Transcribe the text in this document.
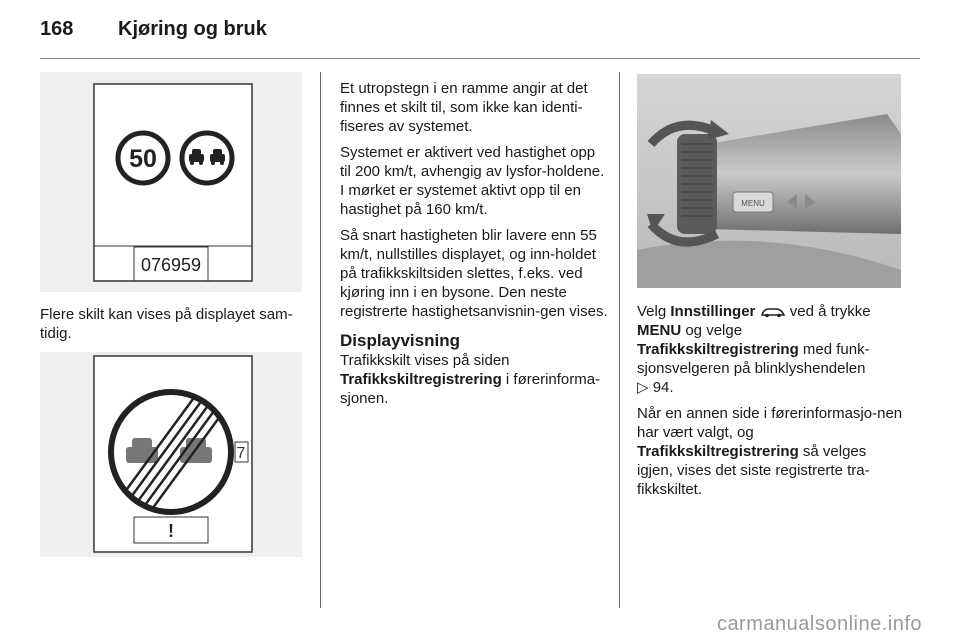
168 Kjøring og bruk
50
076959

Flere skilt kan vises på displayet sam-tidig.

7
!

Et utropstegn i en ramme angir at det finnes et skilt til, som ikke kan identi-fiseres av systemet.

Systemet er aktivert ved hastighet opp til 200 km/t, avhengig av lysfor-holdene. I mørket er systemet aktivt opp til en hastighet på 160 km/t.

Så snart hastigheten blir lavere enn 55 km/t, nullstilles displayet, og inn-holdet på trafikkskiltsiden slettes, f.eks. ved kjøring inn i en bysone. Den neste registrerte hastighetsanvisnin-gen vises.

Displayvisning

Trafikkskilt vises på siden
Trafikkskiltregistrering i førerinforma-sjonen.

MENU

Velg Innstillinger  ved å trykke
MENU og velge
Trafikkskiltregistrering med funk-sjonsvelgeren på blinklyshendelen
▷ 94.

Når en annen side i førerinformasjo-nen har vært valgt, og
Trafikkskiltregistrering så velges igjen, vises det siste registrerte tra-fikkskiltet.

carmanualsonline.info
